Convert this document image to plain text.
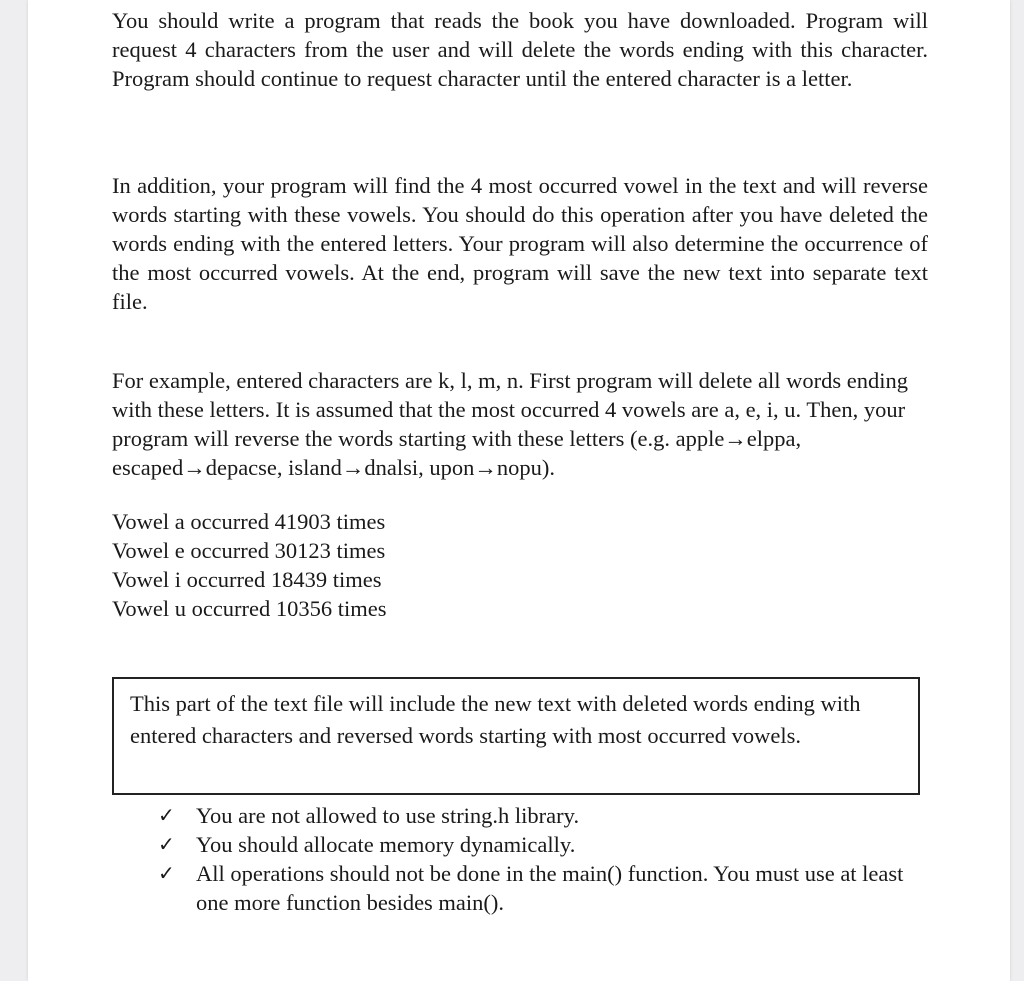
You should write a program that reads the book you have downloaded. Program will request 4 characters from the user and will delete the words ending with this character. Program should continue to request character until the entered character is a letter.

In addition, your program will find the 4 most occurred vowel in the text and will reverse words starting with these vowels. You should do this operation after you have deleted the words ending with the entered letters. Your program will also determine the occurrence of the most occurred vowels. At the end, program will save the new text into separate text file.

For example, entered characters are k, l, m, n. First program will delete all words ending with these letters. It is assumed that the most occurred 4 vowels are a, e, i, u. Then, your program will reverse the words starting with these letters (e.g. apple→elppa, escaped→depacse, island→dnalsi, upon→nopu).

Vowel a occurred 41903 times
Vowel e occurred 30123 times
Vowel i occurred 18439 times
Vowel u occurred 10356 times
This part of the text file will include the new text with deleted words ending with entered characters and reversed words starting with most occurred vowels.
✓ You are not allowed to use string.h library.
✓ You should allocate memory dynamically.
✓ All operations should not be done in the main() function. You must use at least one more function besides main().
